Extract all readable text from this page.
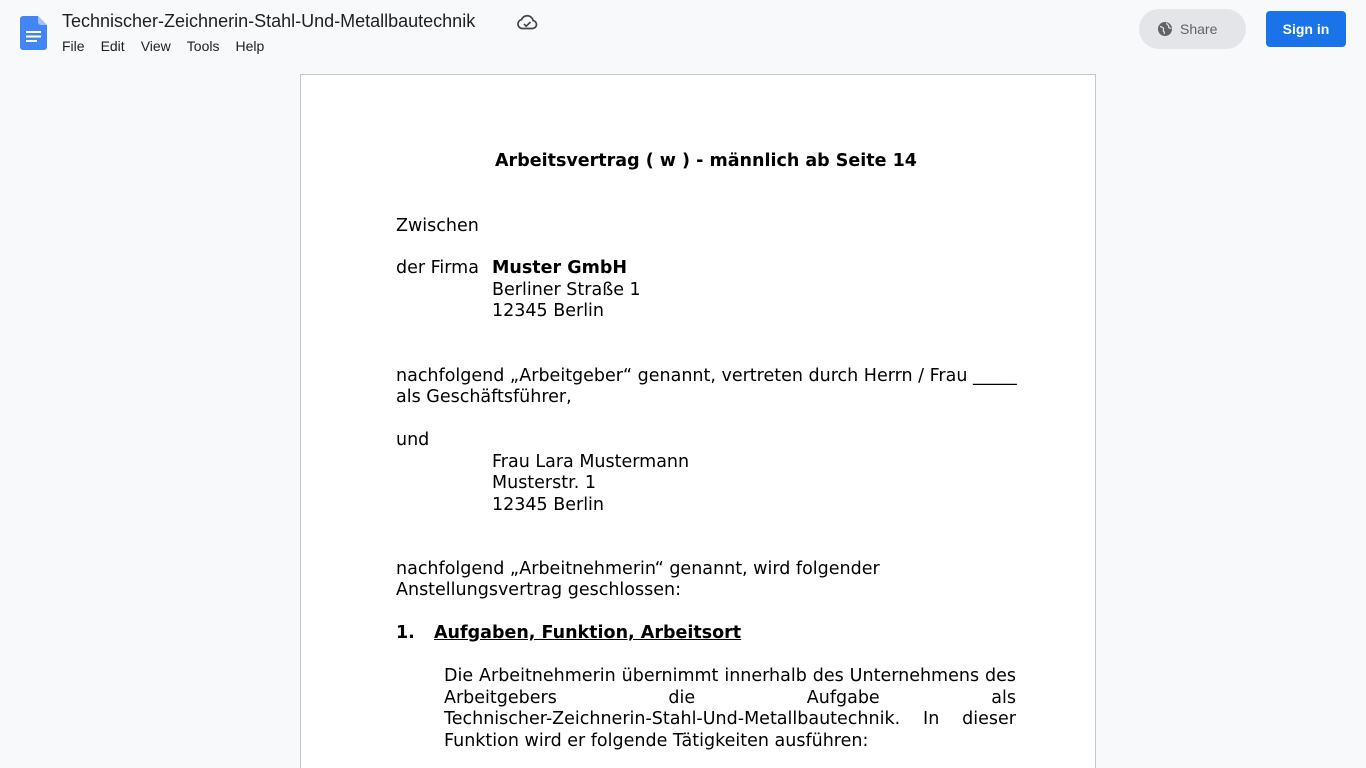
Technischer-Zeichnerin-Stahl-Und-Metallbautechnik
File Edit View Tools Help
Share	Sign in
Arbeitsvertrag ( w ) - männlich ab Seite 14
Zwischen
der Firma Muster GmbH
Berliner Straße 1
12345 Berlin
nachfolgend „Arbeitgeber“ genannt, vertreten durch Herrn / Frau _____
als Geschäftsführer,
und
Frau Lara Mustermann
Musterstr. 1
12345 Berlin
nachfolgend „Arbeitnehmerin“ genannt, wird folgender
Anstellungsvertrag geschlossen:
1. Aufgaben, Funktion, Arbeitsort
Die Arbeitnehmerin übernimmt innerhalb des Unternehmens des
Arbeitgebers die Aufgabe als
Technischer-Zeichnerin-Stahl-Und-Metallbautechnik. In dieser
Funktion wird er folgende Tätigkeiten ausführen:
